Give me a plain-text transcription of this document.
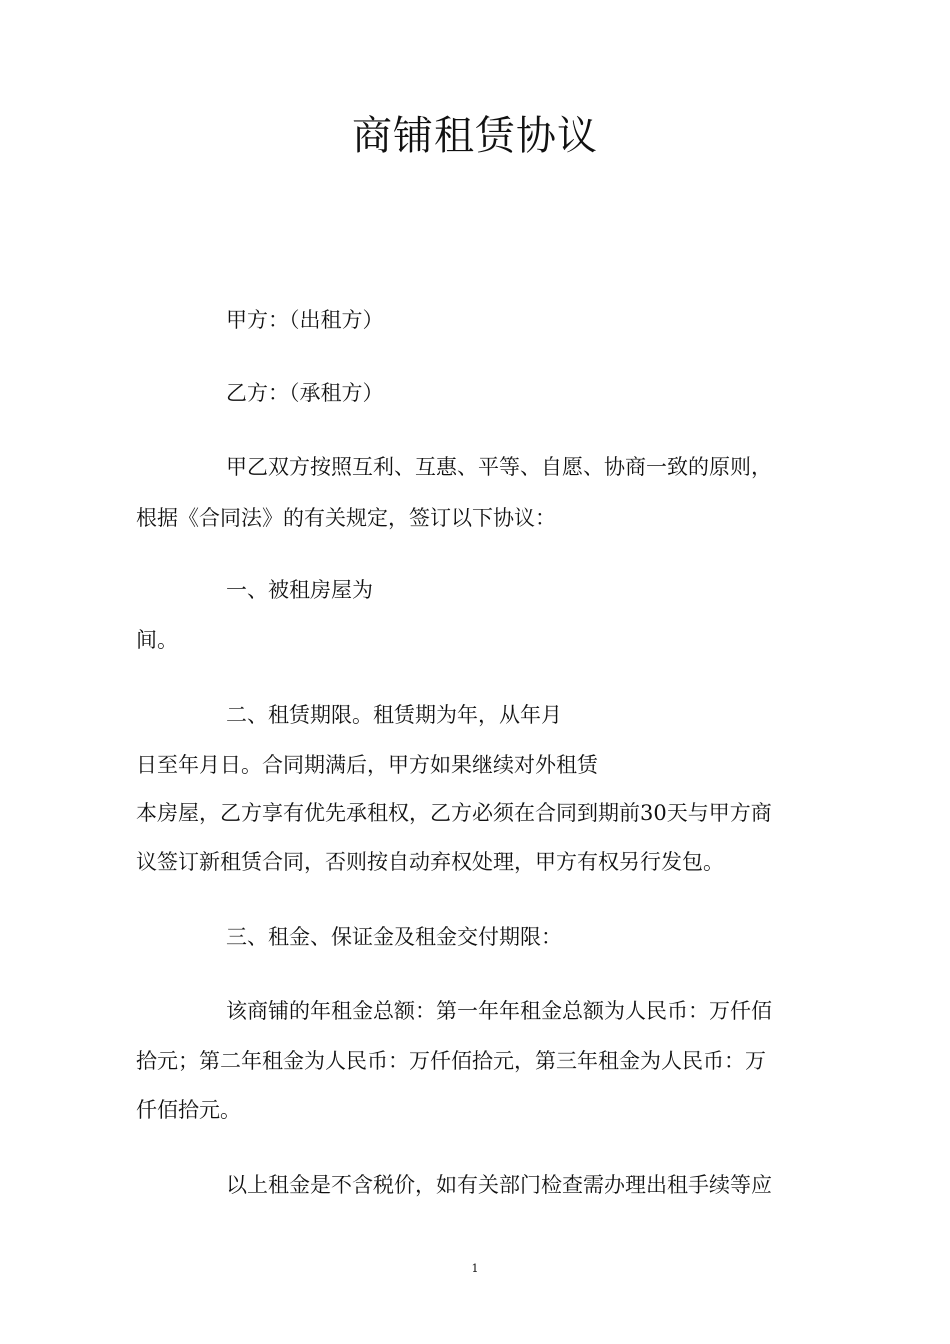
商铺租赁协议

甲方：（出租方）

乙方：（承租方）

甲乙双方按照互利、互惠、平等、自愿、协商一致的原则，

根据《合同法》的有关规定，签订以下协议：

一、被租房屋为

间。

二、租赁期限。租赁期为年，从年月

日至年月日。合同期满后，甲方如果继续对外租赁

本房屋，乙方享有优先承租权，乙方必须在合同到期前30天与甲方商

议签订新租赁合同，否则按自动弃权处理，甲方有权另行发包。

三、租金、保证金及租金交付期限：

该商铺的年租金总额：第一年年租金总额为人民币：万仟佰

拾元；第二年租金为人民币：万仟佰拾元，第三年租金为人民币：万

仟佰拾元。

以上租金是不含税价，如有关部门检查需办理出租手续等应

1
